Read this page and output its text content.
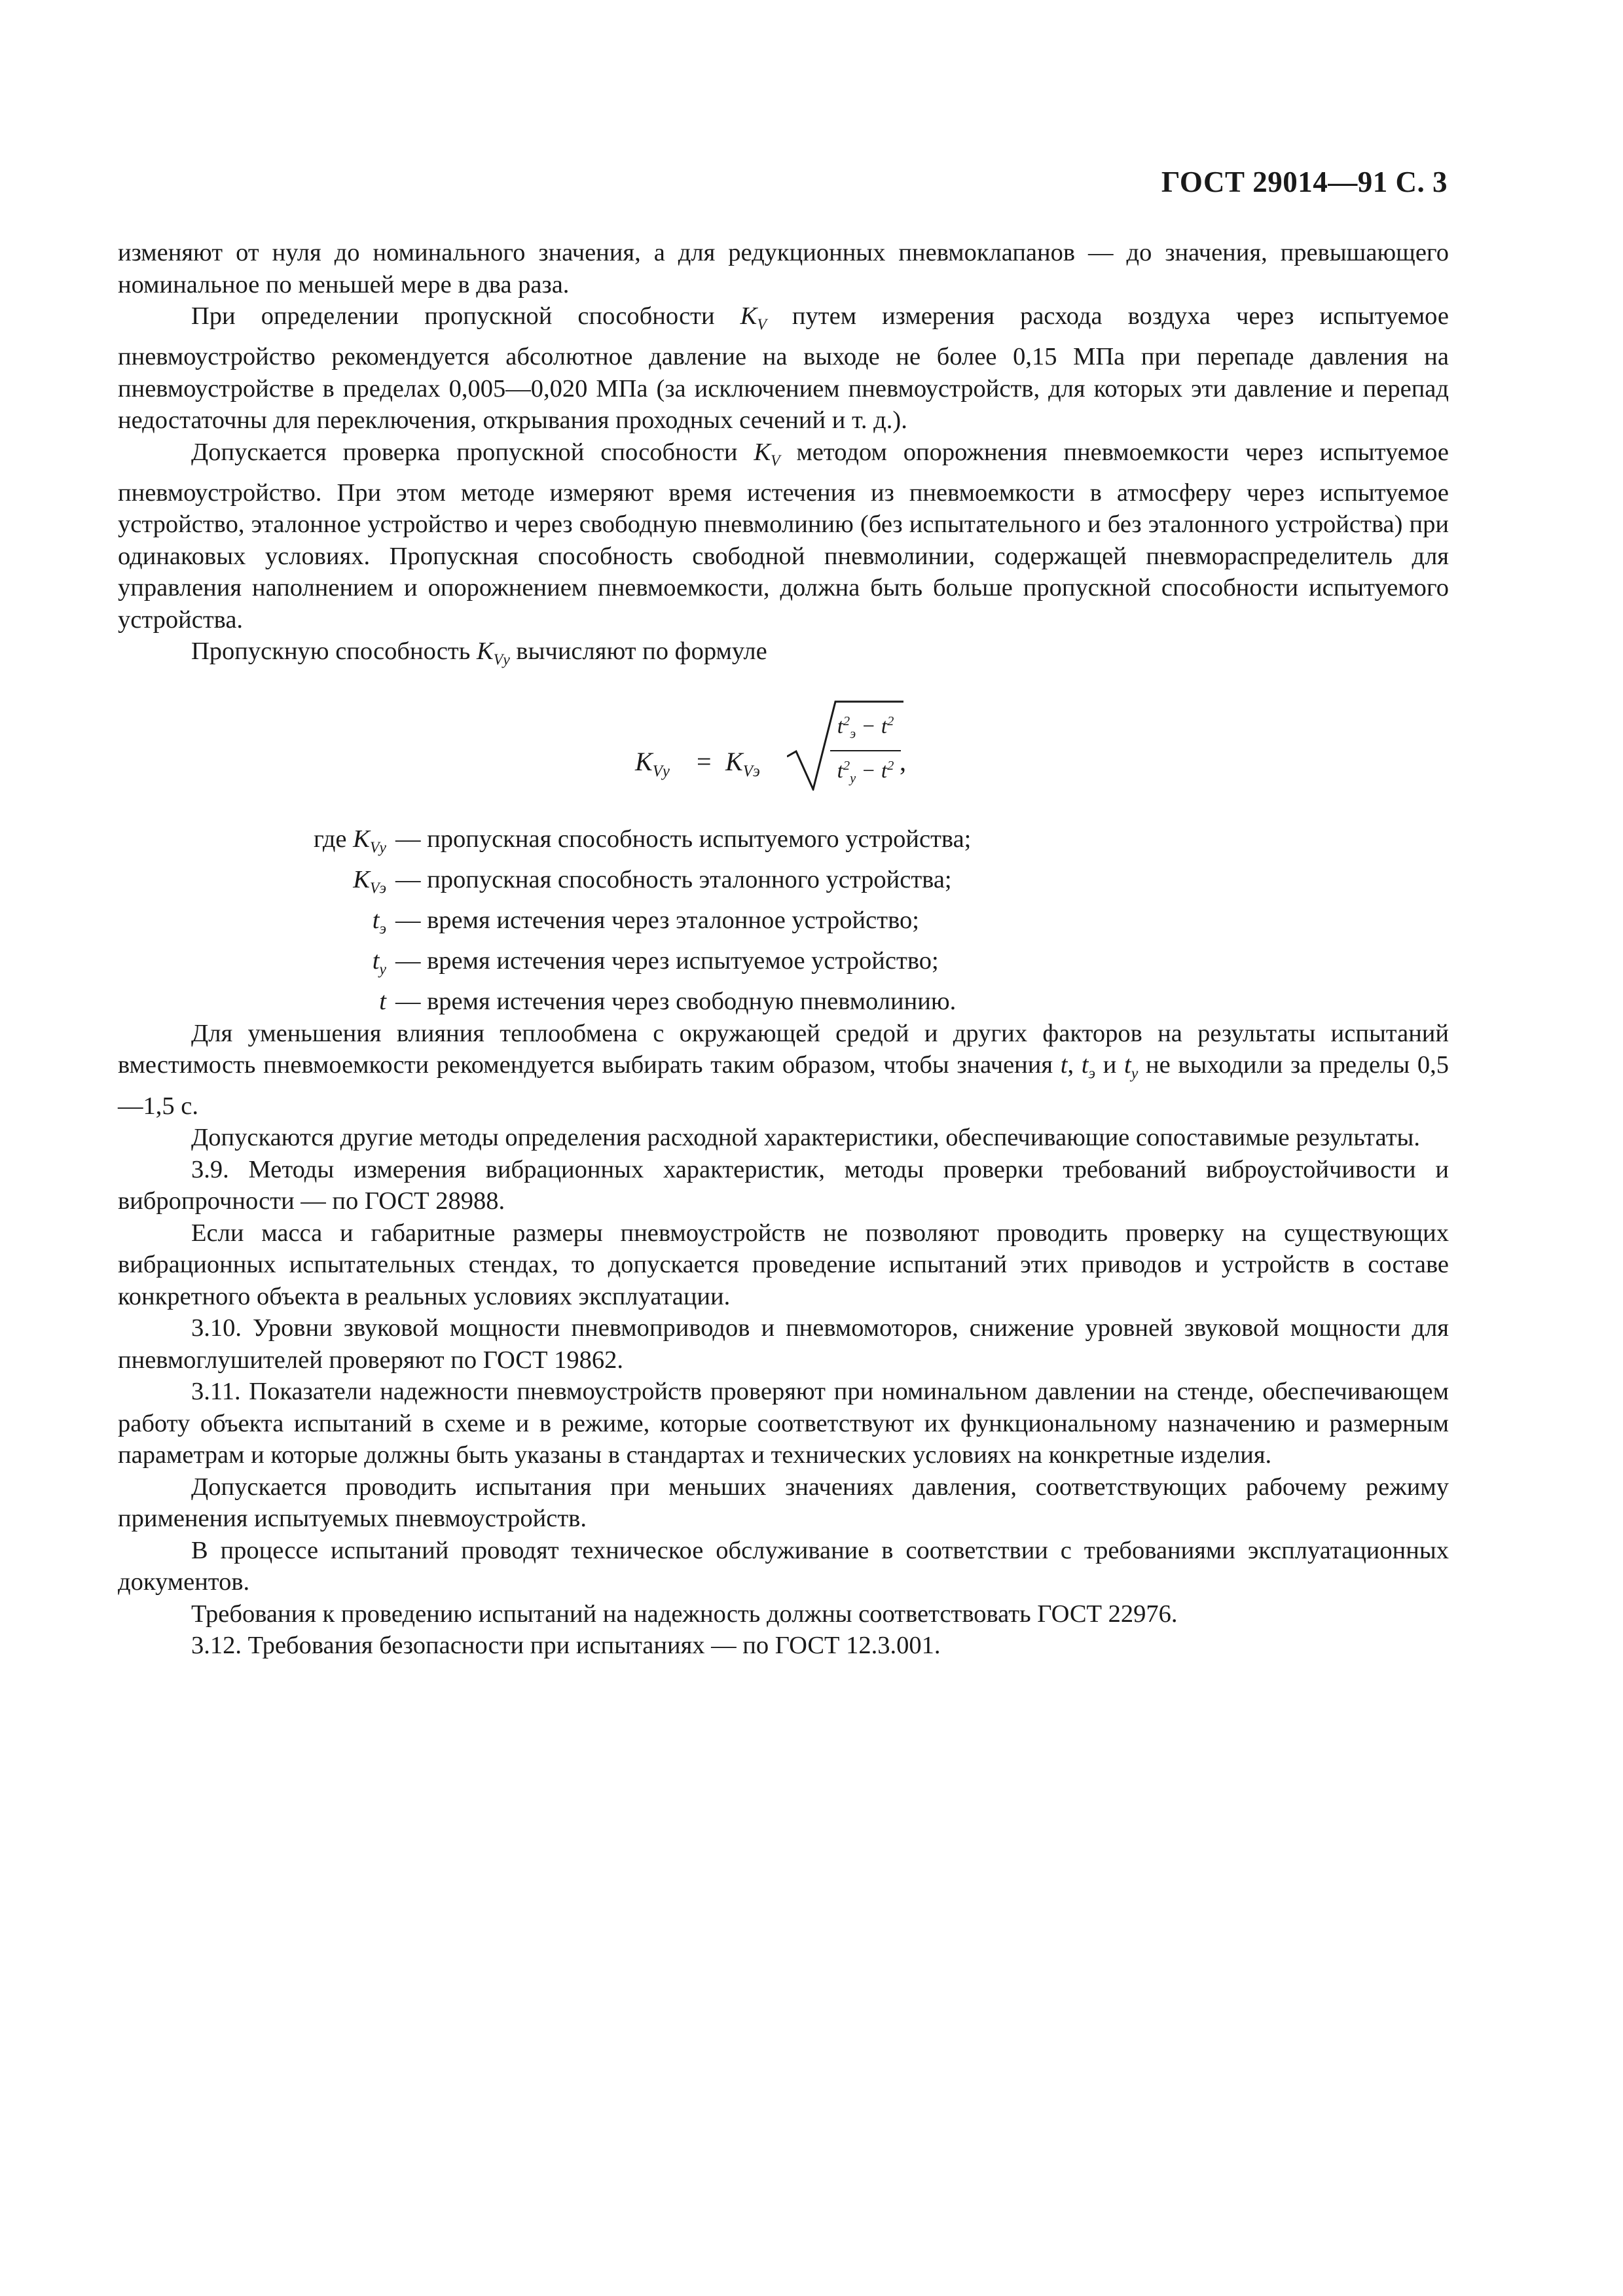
ГОСТ 29014—91 С. 3

изменяют от нуля до номинального значения, а для редукционных пневмоклапанов — до значения, превышающего номинальное по меньшей мере в два раза.

При определении пропускной способности $K_V$ путем измерения расхода воздуха через испытуемое пневмоустройство рекомендуется абсолютное давление на выходе не более 0,15 МПа при перепаде давления на пневмоустройстве в пределах 0,005—0,020 МПа (за исключением пневмоустройств, для которых эти давление и перепад недостаточны для переключения, открывания проходных сечений и т. д.).

Допускается проверка пропускной способности $K_V$ методом опорожнения пневмоемкости через испытуемое пневмоустройство. При этом методе измеряют время истечения из пневмоемкости в атмосферу через испытуемое устройство, эталонное устройство и через свободную пневмолинию (без испытательного и без эталонного устройства) при одинаковых условиях. Пропускная способность свободной пневмолинии, содержащей пневмораспределитель для управления наполнением и опорожнением пневмоемкости, должна быть больше пропускной способности испытуемого устройства.

Пропускную способность $K_{Vу}$ вычисляют по формуле

$K_{Vу} = K_{Vэ}$
$t^2_э - t^2$
$t^2_у - t^2$ ,
где $K_{Vу}$ — пропускная способность испытуемого устройства;
$K_{Vэ}$ — пропускная способность эталонного устройства;
$t_э$ — время истечения через эталонное устройство;
$t_у$ — время истечения через испытуемое устройство;
t — время истечения через свободную пневмолинию.

Для уменьшения влияния теплообмена с окружающей средой и других факторов на результаты испытаний вместимость пневмоемкости рекомендуется выбирать таким образом, чтобы значения t, $t_э$ и $t_у$ не выходили за пределы 0,5—1,5 с.

Допускаются другие методы определения расходной характеристики, обеспечивающие сопоставимые результаты.

3.9. Методы измерения вибрационных характеристик, методы проверки требований виброустойчивости и вибропрочности — по ГОСТ 28988.

Если масса и габаритные размеры пневмоустройств не позволяют проводить проверку на существующих вибрационных испытательных стендах, то допускается проведение испытаний этих приводов и устройств в составе конкретного объекта в реальных условиях эксплуатации.

3.10. Уровни звуковой мощности пневмоприводов и пневмомоторов, снижение уровней звуковой мощности для пневмоглушителей проверяют по ГОСТ 19862.

3.11. Показатели надежности пневмоустройств проверяют при номинальном давлении на стенде, обеспечивающем работу объекта испытаний в схеме и в режиме, которые соответствуют их функциональному назначению и размерным параметрам и которые должны быть указаны в стандартах и технических условиях на конкретные изделия.

Допускается проводить испытания при меньших значениях давления, соответствующих рабочему режиму применения испытуемых пневмоустройств.

В процессе испытаний проводят техническое обслуживание в соответствии с требованиями эксплуатационных документов.

Требования к проведению испытаний на надежность должны соответствовать ГОСТ 22976.

3.12. Требования безопасности при испытаниях — по ГОСТ 12.3.001.
